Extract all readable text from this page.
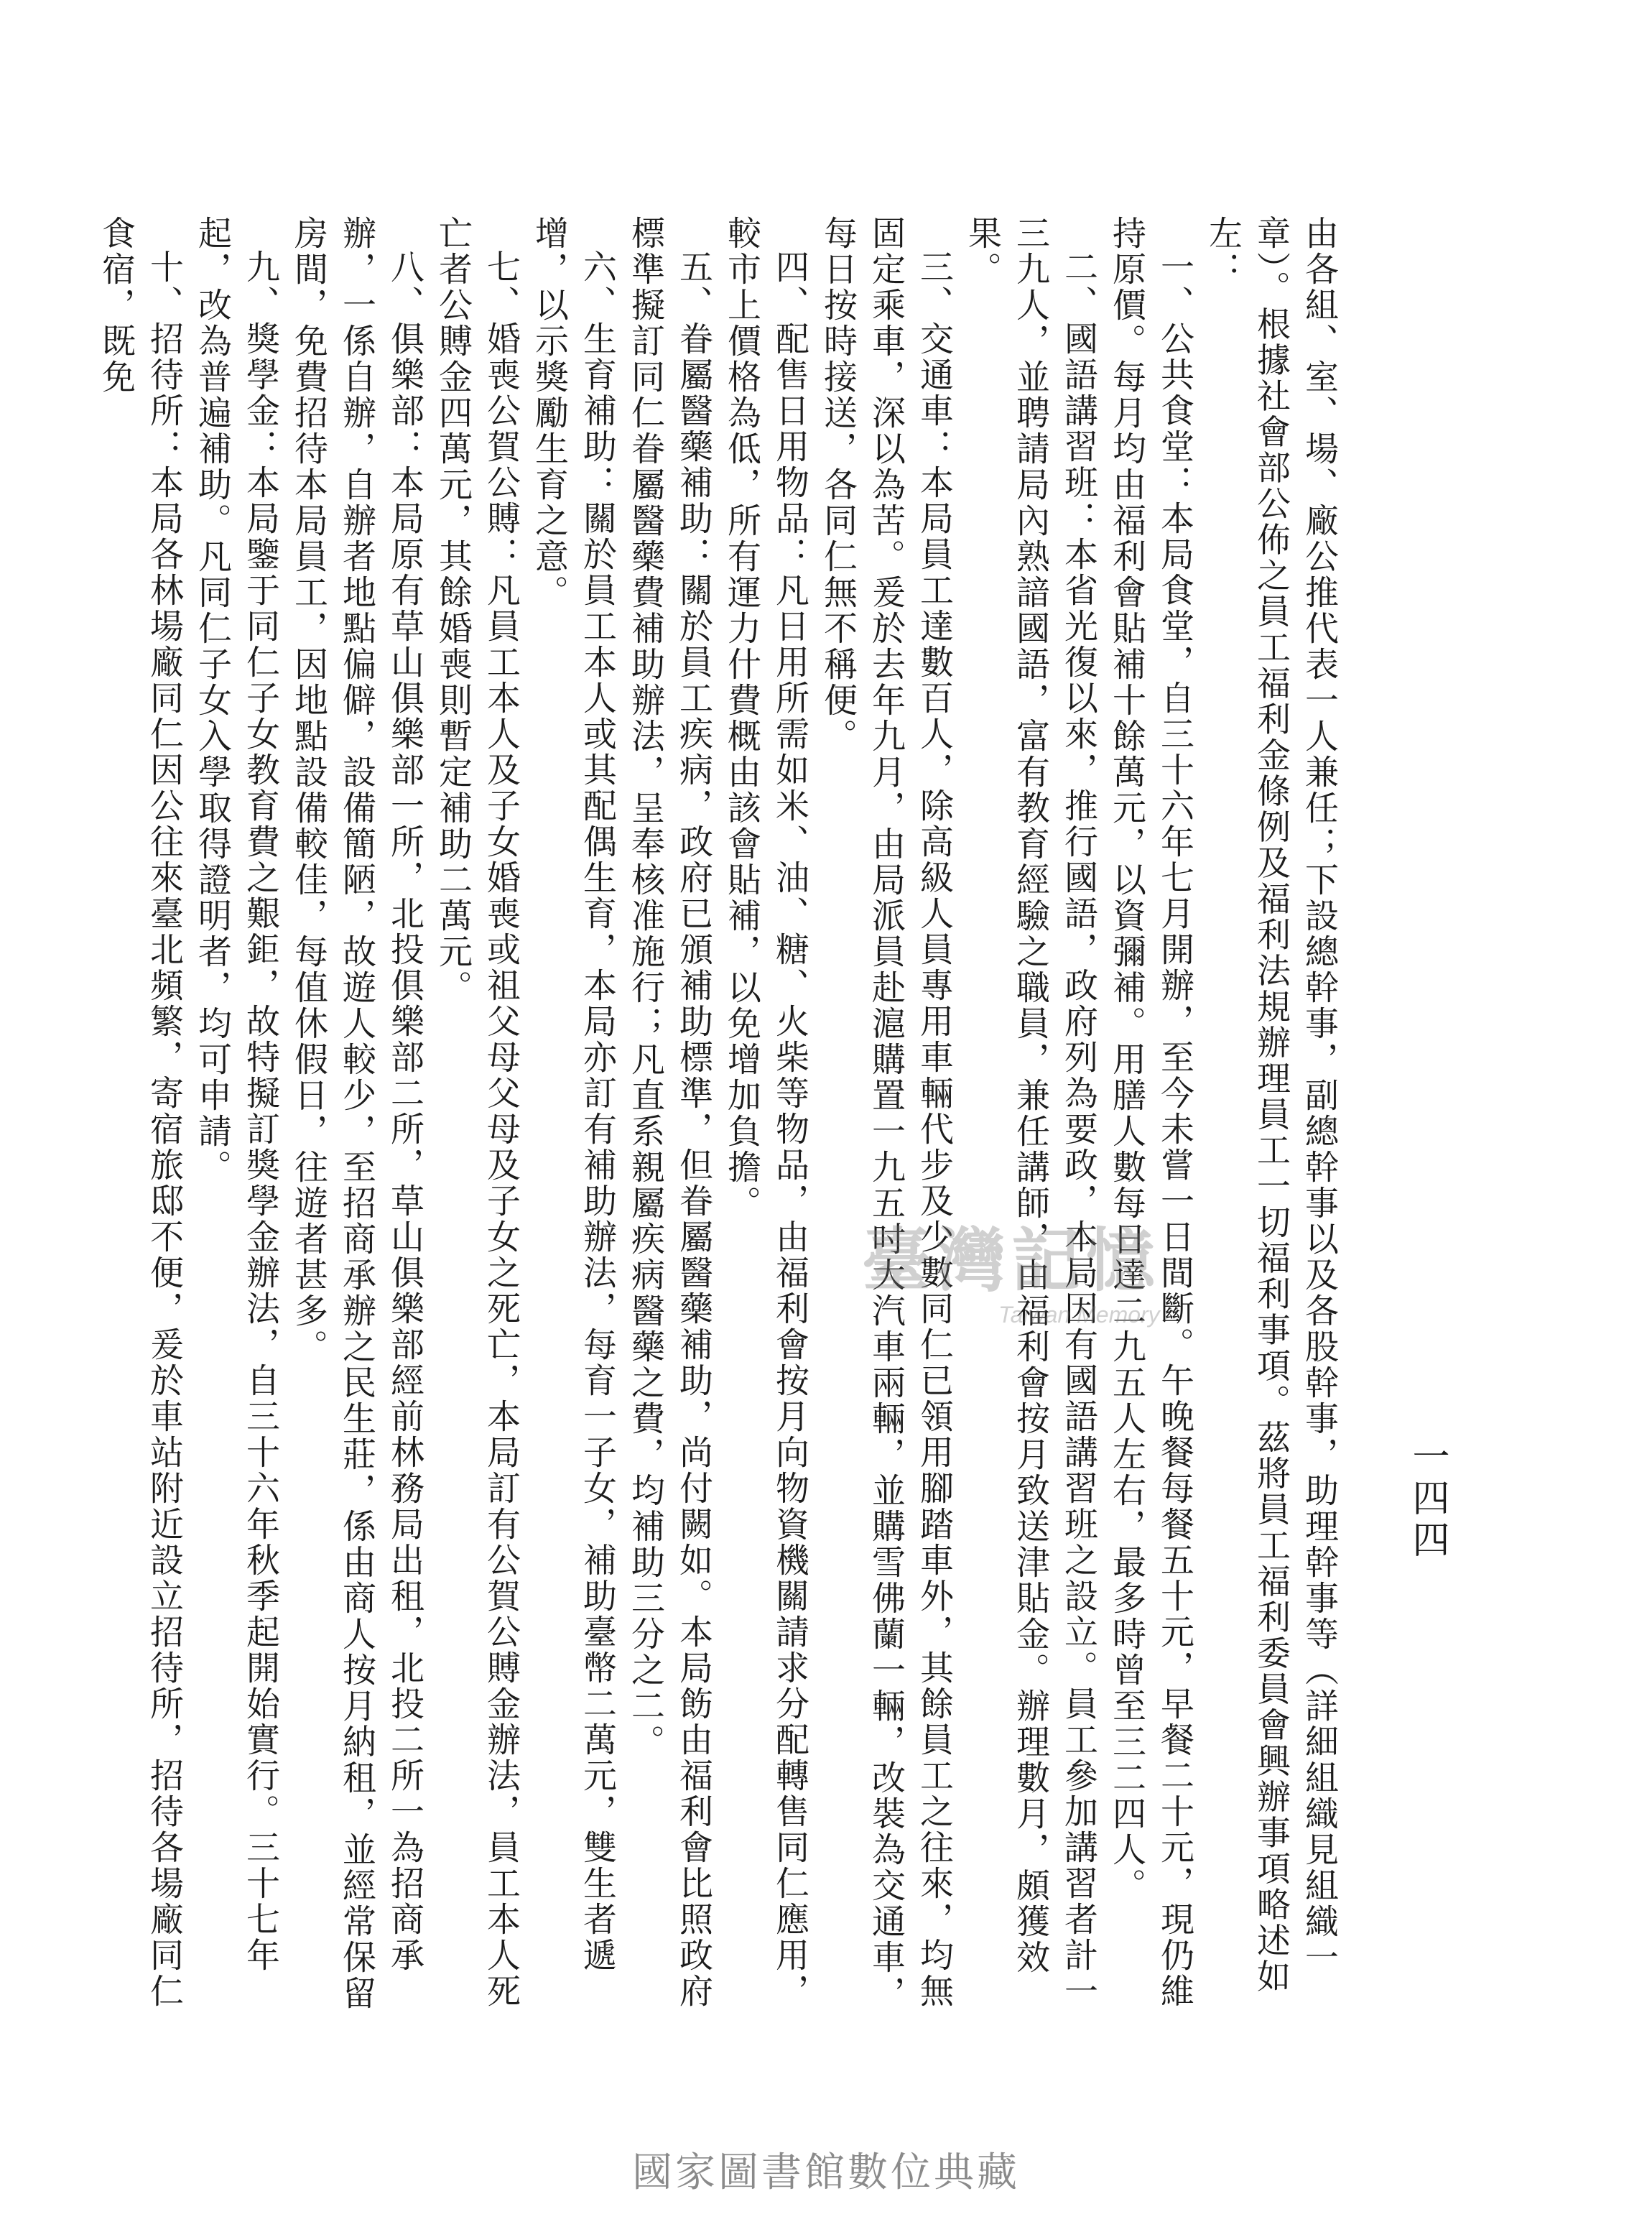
一四四

由各組、室、場、廠公推代表一人兼任；下設總幹事，副總幹事以及各股幹事，助理幹事等（詳細組織見組織一章）。根據社會部公佈之員工福利金條例及福利法規辦理員工一切福利事項。茲將員工福利委員會興辦事項略述如左：

一、公共食堂：本局食堂，自三十六年七月開辦，至今未嘗一日間斷。午晚餐每餐五十元，早餐二十元，現仍維持原價。每月均由福利會貼補十餘萬元，以資彌補。用膳人數每日達二九五人左右，最多時曾至三二四人。

二、國語講習班：本省光復以來，推行國語，政府列為要政，本局因有國語講習班之設立。員工參加講習者計一三九人，並聘請局內熟諳國語，富有教育經驗之職員，兼任講師，由福利會按月致送津貼金。辦理數月，頗獲效果。

三、交通車：本局員工達數百人，除高級人員專用車輛代步及少數同仁已領用腳踏車外，其餘員工之往來，均無固定乘車，深以為苦。爰於去年九月，由局派員赴滬購置一九五吋大汽車兩輛，並購雪佛蘭一輛，改裝為交通車，每日按時接送，各同仁無不稱便。

四、配售日用物品：凡日用所需如米、油、糖、火柴等物品，由福利會按月向物資機關請求分配轉售同仁應用，較市上價格為低，所有運力什費概由該會貼補，以免增加負擔。

五、眷屬醫藥補助：關於員工疾病，政府已頒補助標準，但眷屬醫藥補助，尚付闕如。本局飭由福利會比照政府標準擬訂同仁眷屬醫藥費補助辦法，呈奉核准施行；凡直系親屬疾病醫藥之費，均補助三分之二。

六、生育補助：關於員工本人或其配偶生育，本局亦訂有補助辦法，每育一子女，補助臺幣二萬元，雙生者遞增，以示獎勵生育之意。

七、婚喪公賀公賻：凡員工本人及子女婚喪或祖父母父母及子女之死亡，本局訂有公賀公賻金辦法，員工本人死亡者公賻金四萬元，其餘婚喪則暫定補助二萬元。

八、俱樂部：本局原有草山俱樂部一所，北投俱樂部二所，草山俱樂部經前林務局出租，北投二所一為招商承辦，一係自辦，自辦者地點偏僻，設備簡陋，故遊人較少，至招商承辦之民生莊，係由商人按月納租，並經常保留房間，免費招待本局員工，因地點設備較佳，每值休假日，往遊者甚多。

九、獎學金：本局鑒于同仁子女教育費之艱鉅，故特擬訂獎學金辦法，自三十六年秋季起開始實行。三十七年起，改為普遍補助。凡同仁子女入學取得證明者，均可申請。

十、招待所：本局各林場廠同仁因公往來臺北頻繁，寄宿旅邸不便，爰於車站附近設立招待所，招待各場廠同仁食宿，既免

臺灣記憶
Taiwan Memory
國家圖書館數位典藏
